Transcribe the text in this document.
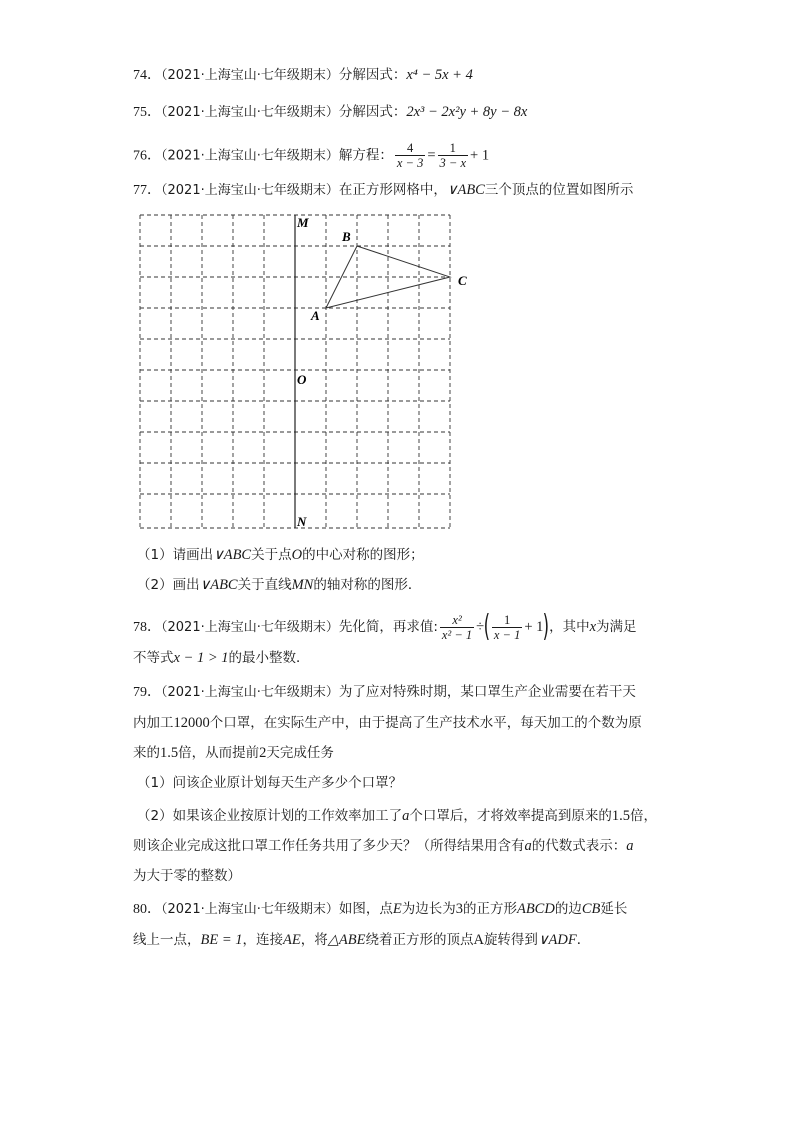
74．（2021·上海宝山·七年级期末）分解因式：x⁴ − 5x + 4
75．（2021·上海宝山·七年级期末）分解因式：2x³ − 2x²y + 8y − 8x
76．（2021·上海宝山·七年级期末）解方程： $\frac{4}{x - 3} = \frac{1}{3 - x} + 1$
77．（2021·上海宝山·七年级期末）在正方形网格中，∨ABC三个顶点的位置如图所示
M
B
C
A
O
N
（1）请画出∨ABC关于点O的中心对称的图形；
（2）画出∨ABC关于直线MN的轴对称的图形．
78．（2021·上海宝山·七年级期末）先化简，再求值: $\frac{\text{x²}}{\text{x² − 1}}$ ÷( $\frac{1}{x - 1} + 1$)，其中x为满足
不等式x − 1 > 1的最小整数．
79．（2021·上海宝山·七年级期末）为了应对特殊时期，某口罩生产企业需要在若干天
内加工12000个口罩，在实际生产中，由于提高了生产技术水平，每天加工的个数为原
来的1.5倍，从而提前2天完成任务
（1）问该企业原计划每天生产多少个口罩？
（2）如果该企业按原计划的工作效率加工了a个口罩后，才将效率提高到原来的1.5倍，
则该企业完成这批口罩工作任务共用了多少天？（所得结果用含有a的代数式表示：a
为大于零的整数）
80．（2021·上海宝山·七年级期末）如图，点E为边长为3的正方形ABCD的边CB延长
线上一点，BE = 1，连接AE，将△ABE绕着正方形的顶点A旋转得到∨ADF．
